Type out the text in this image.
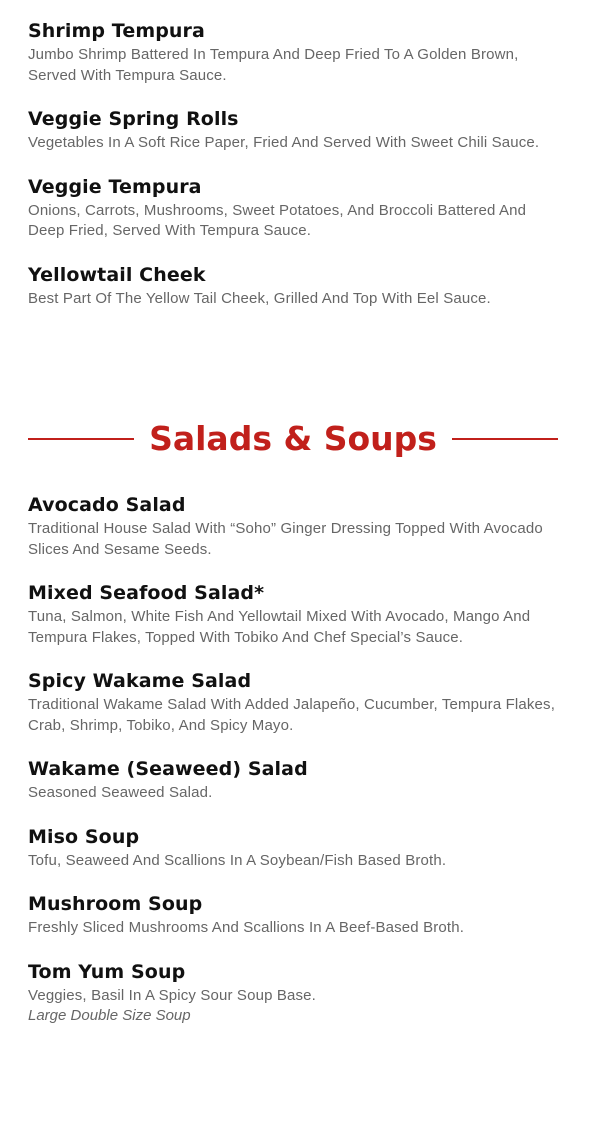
Shrimp Tempura

Jumbo Shrimp Battered In Tempura And Deep Fried To A Golden Brown, Served With Tempura Sauce.

Veggie Spring Rolls

Vegetables In A Soft Rice Paper, Fried And Served With Sweet Chili Sauce.

Veggie Tempura

Onions, Carrots, Mushrooms, Sweet Potatoes, And Broccoli Battered And Deep Fried, Served With Tempura Sauce.

Yellowtail Cheek

Best Part Of The Yellow Tail Cheek, Grilled And Top With Eel Sauce.

Salads & Soups
Avocado Salad

Traditional House Salad With “Soho” Ginger Dressing Topped With Avocado Slices And Sesame Seeds.

Mixed Seafood Salad*

Tuna, Salmon, White Fish And Yellowtail Mixed With Avocado, Mango And Tempura Flakes, Topped With Tobiko And Chef Special’s Sauce.

Spicy Wakame Salad

Traditional Wakame Salad With Added Jalapeño, Cucumber, Tempura Flakes, Crab, Shrimp, Tobiko, And Spicy Mayo.

Wakame (Seaweed) Salad

Seasoned Seaweed Salad.

Miso Soup

Tofu, Seaweed And Scallions In A Soybean/Fish Based Broth.

Mushroom Soup

Freshly Sliced Mushrooms And Scallions In A Beef-Based Broth.

Tom Yum Soup

Veggies, Basil In A Spicy Sour Soup Base.

Large Double Size Soup
